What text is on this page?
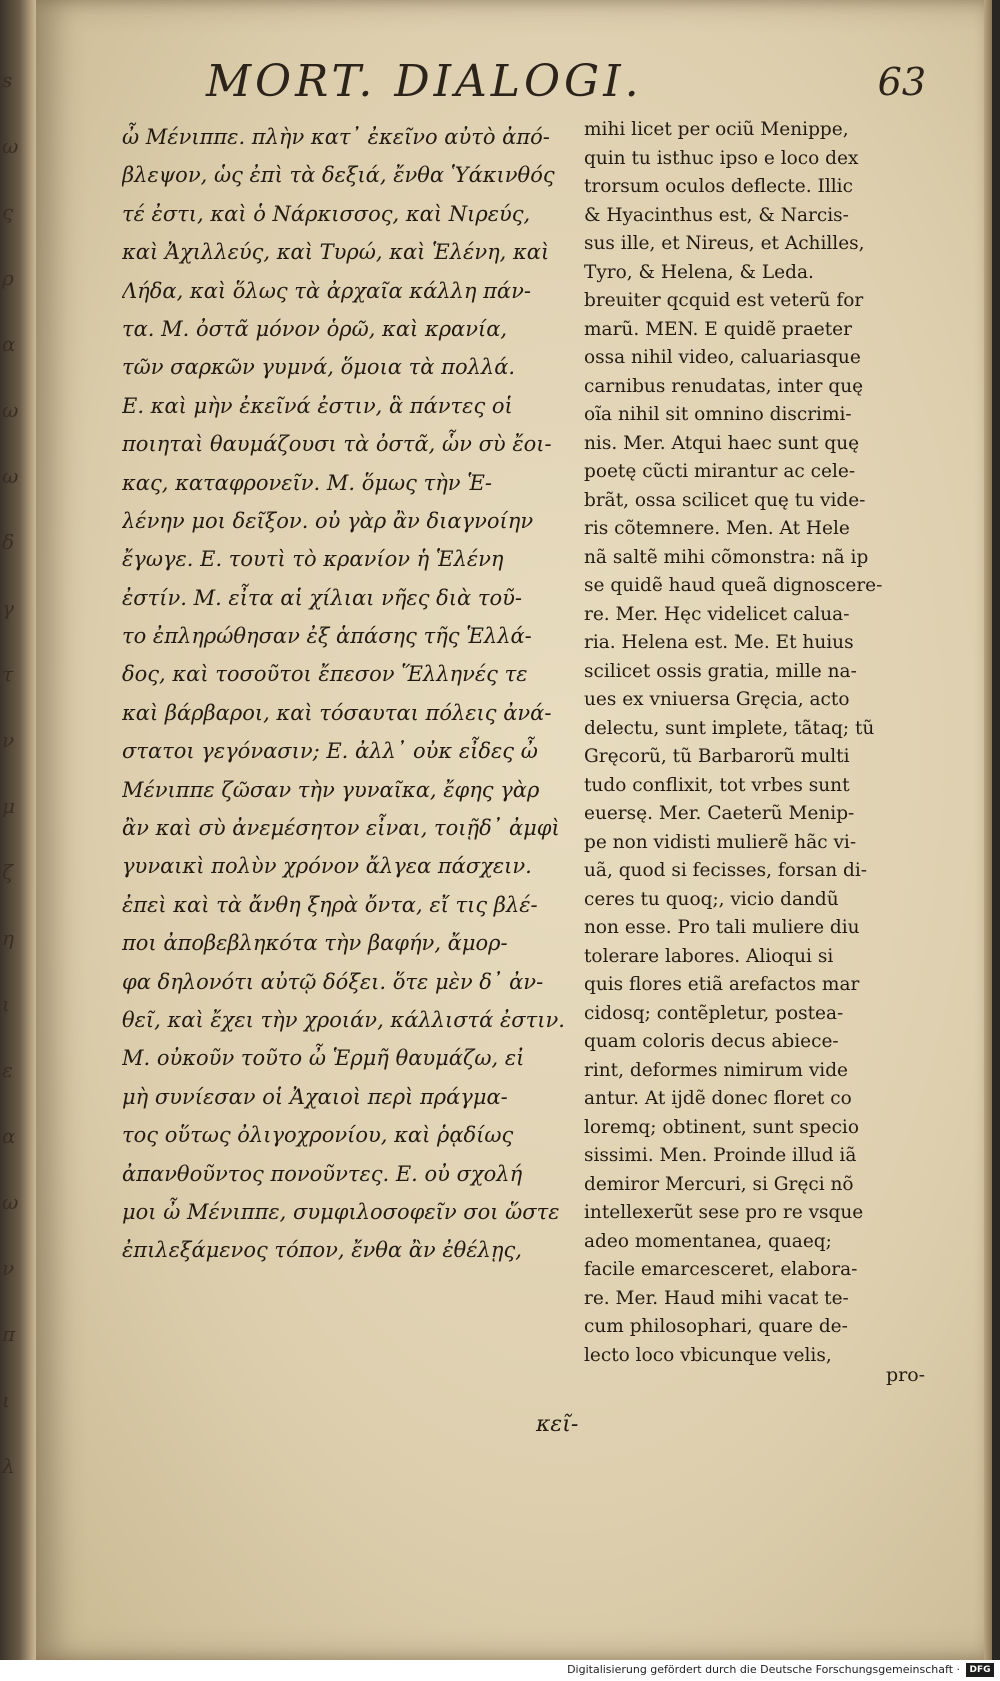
s
ω
ς
ρ
α
ω
ω
δ
γ
τ
ν
μ
ζ
η
ι
ε
α
ω
ν
π
ι
λ
MORT. DIALOGI.	63
ὦ Μένιππε. πλὴν κατ᾽ ἐκεῖνο αὐτὸ ἀπό-
βλεψον, ὡς ἐπὶ τὰ δεξιά, ἔνθα Ὑάκινθός
τέ ἐστι, καὶ ὁ Νάρκισσος, καὶ Νιρεύς,
καὶ Ἀχιλλεύς, καὶ Τυρώ, καὶ Ἑλένη, καὶ
Λήδα, καὶ ὅλως τὰ ἀρχαῖα κάλλη πάν-
τα. Μ. ὀστᾶ μόνον ὁρῶ, καὶ κρανία,
τῶν σαρκῶν γυμνά, ὅμοια τὰ πολλά.
Ε. καὶ μὴν ἐκεῖνά ἐστιν, ἃ πάντες οἱ
ποιηταὶ θαυμάζουσι τὰ ὀστᾶ, ὧν σὺ ἔοι-
κας, καταφρονεῖν. Μ. ὅμως τὴν Ἑ-
λένην μοι δεῖξον. οὐ γὰρ ἂν διαγνοίην
ἔγωγε. Ε. τουτὶ τὸ κρανίον ἡ Ἑλένη
ἐστίν. Μ. εἶτα αἱ χίλιαι νῆες διὰ τοῦ-
το ἐπληρώθησαν ἐξ ἁπάσης τῆς Ἑλλά-
δος, καὶ τοσοῦτοι ἔπεσον Ἕλληνές τε
καὶ βάρβαροι, καὶ τόσαυται πόλεις ἀνά-
στατοι γεγόνασιν; Ε. ἀλλ᾽ οὐκ εἶδες ὦ
Μένιππε ζῶσαν τὴν γυναῖκα, ἔφης γὰρ
ἂν καὶ σὺ ἀνεμέσητον εἶναι, τοιῇδ᾽ ἀμφὶ
γυναικὶ πολὺν χρόνον ἄλγεα πάσχειν.
ἐπεὶ καὶ τὰ ἄνθη ξηρὰ ὄντα, εἴ τις βλέ-
ποι ἀποβεβληκότα τὴν βαφήν, ἄμορ-
φα δηλονότι αὐτῷ δόξει. ὅτε μὲν δ᾽ ἀν-
θεῖ, καὶ ἔχει τὴν χροιάν, κάλλιστά ἐστιν.
Μ. οὐκοῦν τοῦτο ὦ Ἑρμῆ θαυμάζω, εἰ
μὴ συνίεσαν οἱ Ἀχαιοὶ περὶ πράγμα-
τος οὕτως ὀλιγοχρονίου, καὶ ῥᾳδίως
ἀπανθοῦντος πονοῦντες. Ε. οὐ σχολή
μοι ὦ Μένιππε, συμφιλοσοφεῖν σοι ὥστε
ἐπιλεξάμενος τόπον, ἔνθα ἂν ἐθέλῃς,
κεῖ-
mihi licet per ociũ Menippe,
quin tu isthuc ipso e loco dex
trorsum oculos deflecte. Illic
& Hyacinthus est, & Narcis-
sus ille, et Nireus, et Achilles,
Tyro, & Helena, & Leda.
breuiter qcquid est veterũ for
marũ. MEN. E quidẽ praeter
ossa nihil video, caluariasque
carnibus renudatas, inter quę
oĩa nihil sit omnino discrimi-
nis. Mer. Atqui haec sunt quę
poetę cũcti mirantur ac cele-
brãt, ossa scilicet quę tu vide-
ris cõtemnere. Men. At Hele
nã saltẽ mihi cõmonstra: nã ip
se quidẽ haud queã dignoscere-
re. Mer. Hęc videlicet calua-
ria. Helena est. Me. Et huius
scilicet ossis gratia, mille na-
ues ex vniuersa Gręcia, acto
delectu, sunt implete, tãtaq; tũ
Gręcorũ, tũ Barbarorũ multi
tudo conflixit, tot vrbes sunt
euersę. Mer. Caeterũ Menip-
pe non vidisti mulierẽ hãc vi-
uã, quod si fecisses, forsan di-
ceres tu quoq;, vicio dandũ
non esse. Pro tali muliere diu
tolerare labores. Alioqui si
quis flores etiã arefactos mar
cidosq; contẽpletur, postea-
quam coloris decus abiece-
rint, deformes nimirum vide
antur. At ijdẽ donec floret co
loremq; obtinent, sunt specio
sissimi. Men. Proinde illud iã
demiror Mercuri, si Gręci nõ
intellexerũt sese pro re vsque
adeo momentanea, quaeq;
facile emarcesceret, elabora-
re. Mer. Haud mihi vacat te-
cum philosophari, quare de-
lecto loco vbicunque velis,
pro-
Digitalisierung gefördert durch die Deutsche Forschungsgemeinschaft ·	DFG
